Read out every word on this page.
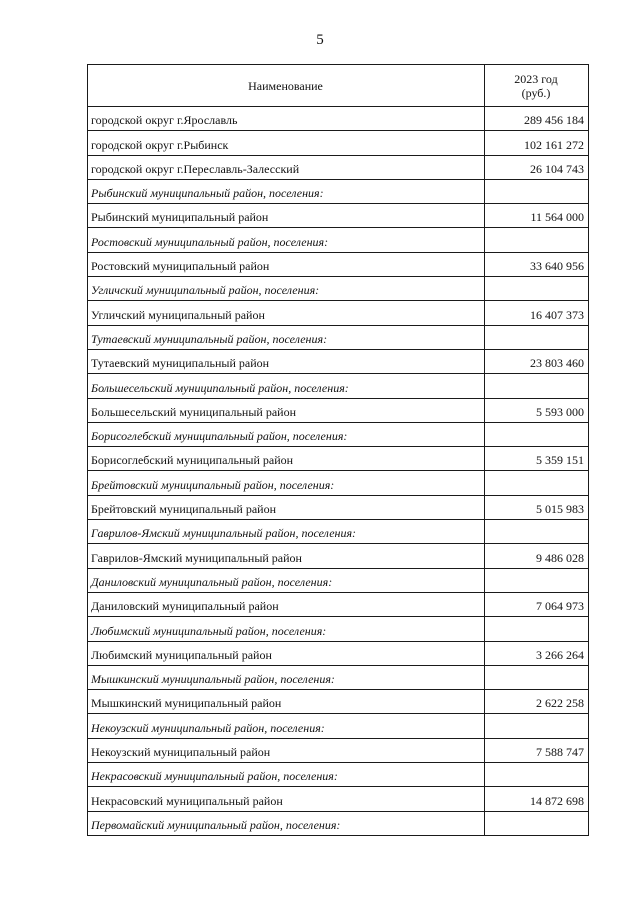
5
Наименование	2023 год
(руб.)

городской округ г.Ярославль	289 456 184
городской округ г.Рыбинск	102 161 272
городской округ г.Переславль-Залесский	26 104 743
Рыбинский муниципальный район, поселения:	
Рыбинский муниципальный район	11 564 000
Ростовский муниципальный район, поселения:	
Ростовский муниципальный район	33 640 956
Угличский муниципальный район, поселения:	
Угличский муниципальный район	16 407 373
Тутаевский муниципальный район, поселения:	
Тутаевский муниципальный район	23 803 460
Большесельский муниципальный район, поселения:	
Большесельский муниципальный район	5 593 000
Борисоглебский муниципальный район, поселения:	
Борисоглебский муниципальный район	5 359 151
Брейтовский муниципальный район, поселения:	
Брейтовский муниципальный район	5 015 983
Гаврилов-Ямский муниципальный район, поселения:	
Гаврилов-Ямский муниципальный район	9 486 028
Даниловский муниципальный район, поселения:	
Даниловский муниципальный район	7 064 973
Любимский муниципальный район, поселения:	
Любимский муниципальный район	3 266 264
Мышкинский муниципальный район, поселения:	
Мышкинский муниципальный район	2 622 258
Некоузский муниципальный район, поселения:	
Некоузский муниципальный район	7 588 747
Некрасовский муниципальный район, поселения:	
Некрасовский муниципальный район	14 872 698
Первомайский муниципальный район, поселения:	
